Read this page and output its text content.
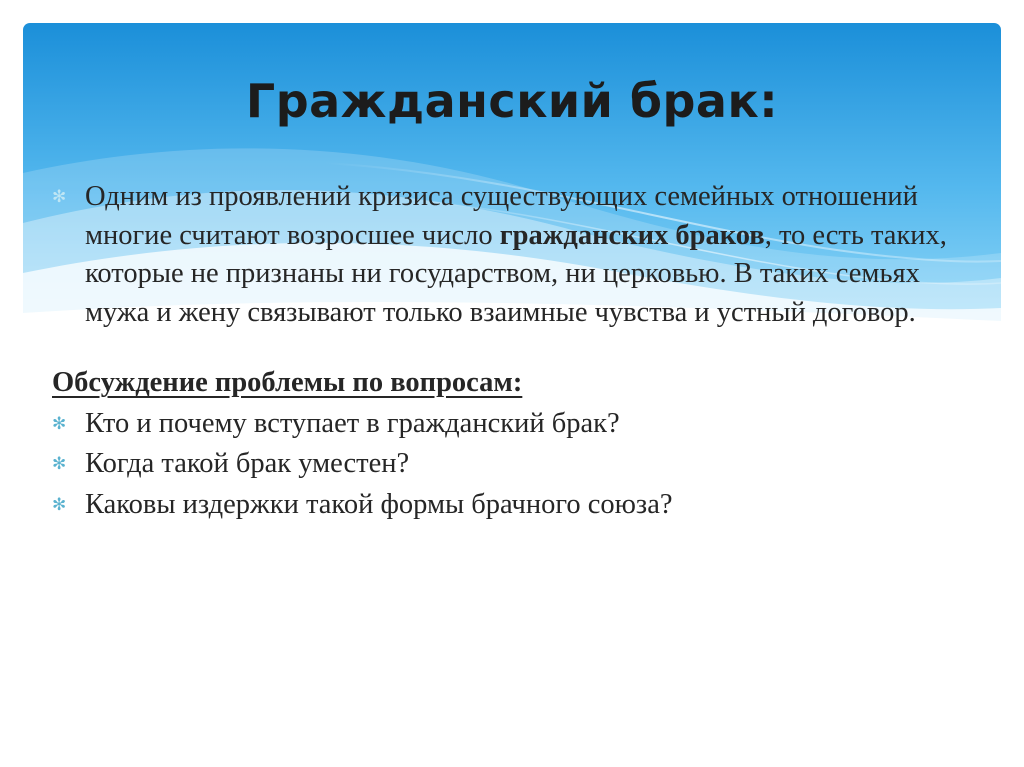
Гражданский брак:
✻ Одним из проявлений кризиса существующих семейных отношений многие считают возросшее число гражданских браков, то есть таких, которые не признаны ни государством, ни церковью. В таких семьях мужа и жену связывают только взаимные чувства и устный договор.

Обсуждение проблемы по вопросам:
✻ Кто и почему вступает в гражданский брак?
✻ Когда такой брак уместен?
✻ Каковы издержки такой формы брачного союза?
